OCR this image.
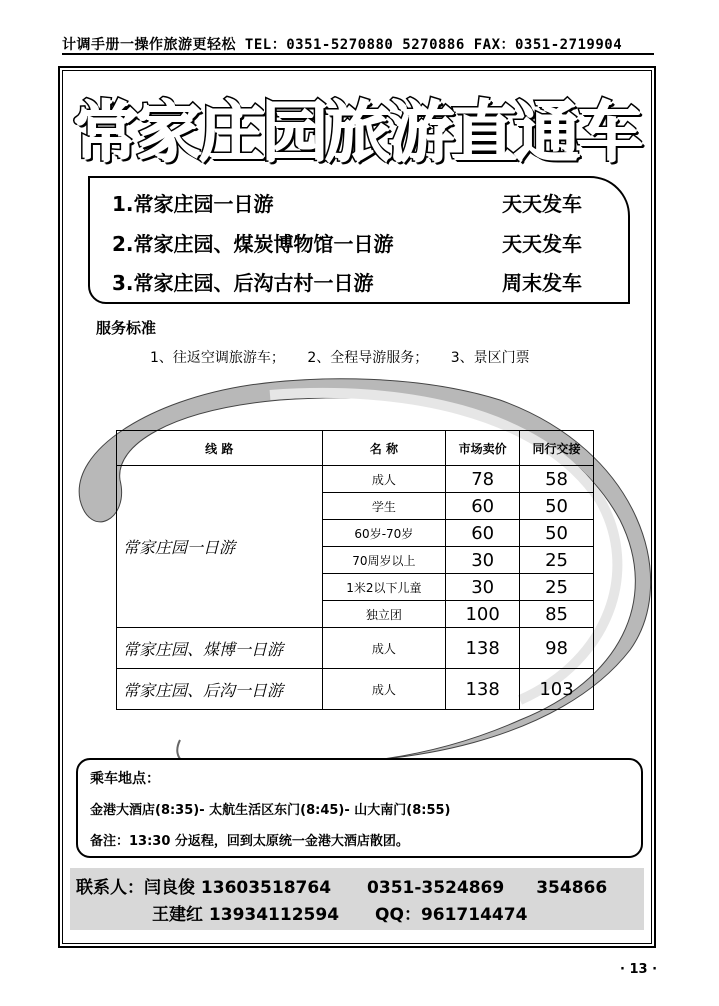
计调手册一操作旅游更轻松 TEL：0351-5270880 5270886 FAX：0351-2719904
常家庄园旅游直通车
1.常家庄园一日游	天天发车
2.常家庄园、煤炭博物馆一日游	天天发车
3.常家庄园、后沟古村一日游	周末发车
服务标准
1、往返空调旅游车； 2、全程导游服务； 3、景区门票
线 路	名 称	市场卖价	同行交接
常家庄园一日游	成人	78	58
	学生	60	50
	60岁-70岁	60	50
	70周岁以上	30	25
	1米2以下儿童	30	25
	独立团	100	85
常家庄园、煤博一日游	成人	138	98
常家庄园、后沟一日游	成人	138	103
乘车地点：
金港大酒店(8:35)- 太航生活区东门(8:45)- 山大南门(8:55)
备注：13:30 分返程，回到太原统一金港大酒店散团。
联系人：闫良俊 13603518764 0351-3524869 354866
王建红 13934112594 QQ：961714474
· 13 ·
